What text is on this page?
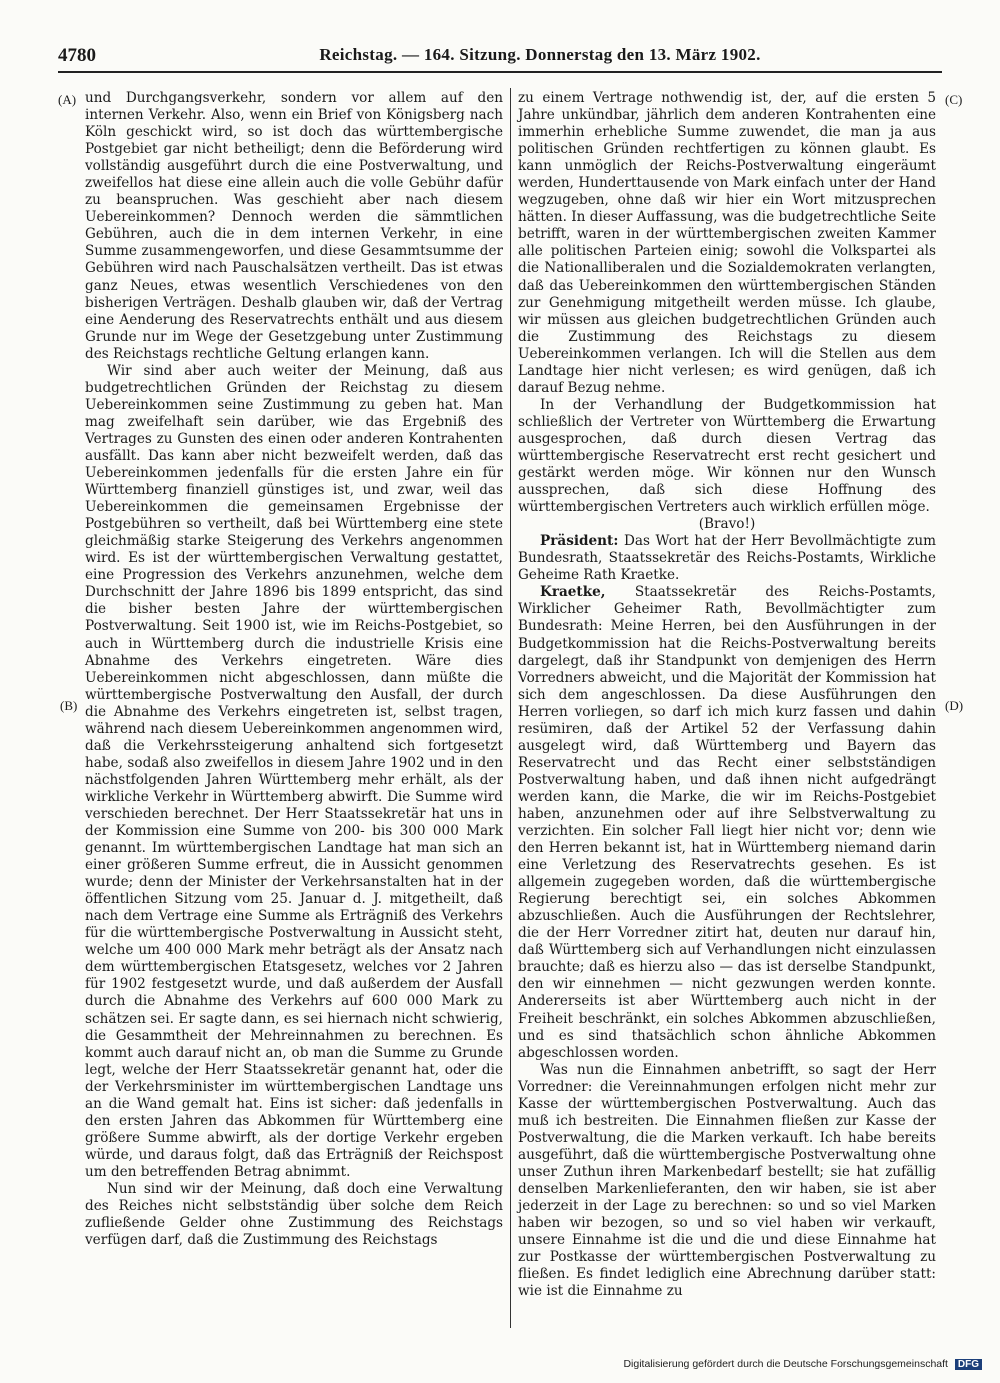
4780	Reichstag. — 164. Sitzung. Donnerstag den 13. März 1902.
(A)
(B)
(C)
(D)

und Durchgangsverkehr, sondern vor allem auf den internen Verkehr. Also, wenn ein Brief von Königsberg nach Köln geschickt wird, so ist doch das württembergische Postgebiet gar nicht betheiligt; denn die Beförderung wird vollständig ausgeführt durch die eine Postverwaltung, und zweifellos hat diese eine allein auch die volle Gebühr dafür zu beanspruchen. Was geschieht aber nach diesem Uebereinkommen? Dennoch werden die sämmtlichen Gebühren, auch die in dem internen Verkehr, in eine Summe zusammengeworfen, und diese Gesammtsumme der Gebühren wird nach Pauschalsätzen vertheilt. Das ist etwas ganz Neues, etwas wesentlich Verschiedenes von den bisherigen Verträgen. Deshalb glauben wir, daß der Vertrag eine Aenderung des Reservatrechts enthält und aus diesem Grunde nur im Wege der Gesetzgebung unter Zustimmung des Reichstags rechtliche Geltung erlangen kann.

Wir sind aber auch weiter der Meinung, daß aus budgetrechtlichen Gründen der Reichstag zu diesem Uebereinkommen seine Zustimmung zu geben hat. Man mag zweifelhaft sein darüber, wie das Ergebniß des Vertrages zu Gunsten des einen oder anderen Kontrahenten ausfällt. Das kann aber nicht bezweifelt werden, daß das Uebereinkommen jedenfalls für die ersten Jahre ein für Württemberg finanziell günstiges ist, und zwar, weil das Uebereinkommen die gemeinsamen Ergebnisse der Postgebühren so vertheilt, daß bei Württemberg eine stete gleichmäßig starke Steigerung des Verkehrs angenommen wird. Es ist der württembergischen Verwaltung gestattet, eine Progression des Verkehrs anzunehmen, welche dem Durchschnitt der Jahre 1896 bis 1899 entspricht, das sind die bisher besten Jahre der württembergischen Postverwaltung. Seit 1900 ist, wie im Reichs-Postgebiet, so auch in Württemberg durch die industrielle Krisis eine Abnahme des Verkehrs eingetreten. Wäre dies Uebereinkommen nicht abgeschlossen, dann müßte die württembergische Postverwaltung den Ausfall, der durch die Abnahme des Verkehrs eingetreten ist, selbst tragen, während nach diesem Uebereinkommen angenommen wird, daß die Verkehrssteigerung anhaltend sich fortgesetzt habe, sodaß also zweifellos in diesem Jahre 1902 und in den nächstfolgenden Jahren Württemberg mehr erhält, als der wirkliche Verkehr in Württemberg abwirft. Die Summe wird verschieden berechnet. Der Herr Staatssekretär hat uns in der Kommission eine Summe von 200- bis 300 000 Mark genannt. Im württembergischen Landtage hat man sich an einer größeren Summe erfreut, die in Aussicht genommen wurde; denn der Minister der Verkehrsanstalten hat in der öffentlichen Sitzung vom 25. Januar d. J. mitgetheilt, daß nach dem Vertrage eine Summe als Erträgniß des Verkehrs für die württembergische Postverwaltung in Aussicht steht, welche um 400 000 Mark mehr beträgt als der Ansatz nach dem württembergischen Etatsgesetz, welches vor 2 Jahren für 1902 festgesetzt wurde, und daß außerdem der Ausfall durch die Abnahme des Verkehrs auf 600 000 Mark zu schätzen sei. Er sagte dann, es sei hiernach nicht schwierig, die Gesammtheit der Mehreinnahmen zu berechnen. Es kommt auch darauf nicht an, ob man die Summe zu Grunde legt, welche der Herr Staatssekretär genannt hat, oder die der Verkehrsminister im württembergischen Landtage uns an die Wand gemalt hat. Eins ist sicher: daß jedenfalls in den ersten Jahren das Abkommen für Württemberg eine größere Summe abwirft, als der dortige Verkehr ergeben würde, und daraus folgt, daß das Erträgniß der Reichspost um den betreffenden Betrag abnimmt.

Nun sind wir der Meinung, daß doch eine Verwaltung des Reiches nicht selbstständig über solche dem Reich zufließende Gelder ohne Zustimmung des Reichstags verfügen darf, daß die Zustimmung des Reichstags

zu einem Vertrage nothwendig ist, der, auf die ersten 5 Jahre unkündbar, jährlich dem anderen Kontrahenten eine immerhin erhebliche Summe zuwendet, die man ja aus politischen Gründen rechtfertigen zu können glaubt. Es kann unmöglich der Reichs-Postverwaltung eingeräumt werden, Hunderttausende von Mark einfach unter der Hand wegzugeben, ohne daß wir hier ein Wort mitzusprechen hätten. In dieser Auffassung, was die budgetrechtliche Seite betrifft, waren in der württembergischen zweiten Kammer alle politischen Parteien einig; sowohl die Volkspartei als die Nationalliberalen und die Sozialdemokraten verlangten, daß das Uebereinkommen den württembergischen Ständen zur Genehmigung mitgetheilt werden müsse. Ich glaube, wir müssen aus gleichen budgetrechtlichen Gründen auch die Zustimmung des Reichstags zu diesem Uebereinkommen verlangen. Ich will die Stellen aus dem Landtage hier nicht verlesen; es wird genügen, daß ich darauf Bezug nehme.

In der Verhandlung der Budgetkommission hat schließlich der Vertreter von Württemberg die Erwartung ausgesprochen, daß durch diesen Vertrag das württembergische Reservatrecht erst recht gesichert und gestärkt werden möge. Wir können nur den Wunsch aussprechen, daß sich diese Hoffnung des württembergischen Vertreters auch wirklich erfüllen möge.

(Bravo!)

Präsident: Das Wort hat der Herr Bevollmächtigte zum Bundesrath, Staatssekretär des Reichs-Postamts, Wirkliche Geheime Rath Kraetke.

Kraetke, Staatssekretär des Reichs-Postamts, Wirklicher Geheimer Rath, Bevollmächtigter zum Bundesrath: Meine Herren, bei den Ausführungen in der Budgetkommission hat die Reichs-Postverwaltung bereits dargelegt, daß ihr Standpunkt von demjenigen des Herrn Vorredners abweicht, und die Majorität der Kommission hat sich dem angeschlossen. Da diese Ausführungen den Herren vorliegen, so darf ich mich kurz fassen und dahin resümiren, daß der Artikel 52 der Verfassung dahin ausgelegt wird, daß Württemberg und Bayern das Reservatrecht und das Recht einer selbstständigen Postverwaltung haben, und daß ihnen nicht aufgedrängt werden kann, die Marke, die wir im Reichs-Postgebiet haben, anzunehmen oder auf ihre Selbstverwaltung zu verzichten. Ein solcher Fall liegt hier nicht vor; denn wie den Herren bekannt ist, hat in Württemberg niemand darin eine Verletzung des Reservatrechts gesehen. Es ist allgemein zugegeben worden, daß die württembergische Regierung berechtigt sei, ein solches Abkommen abzuschließen. Auch die Ausführungen der Rechtslehrer, die der Herr Vorredner zitirt hat, deuten nur darauf hin, daß Württemberg sich auf Verhandlungen nicht einzulassen brauchte; daß es hierzu also — das ist derselbe Standpunkt, den wir einnehmen — nicht gezwungen werden konnte. Andererseits ist aber Württemberg auch nicht in der Freiheit beschränkt, ein solches Abkommen abzuschließen, und es sind thatsächlich schon ähnliche Abkommen abgeschlossen worden.

Was nun die Einnahmen anbetrifft, so sagt der Herr Vorredner: die Vereinnahmungen erfolgen nicht mehr zur Kasse der württembergischen Postverwaltung. Auch das muß ich bestreiten. Die Einnahmen fließen zur Kasse der Postverwaltung, die die Marken verkauft. Ich habe bereits ausgeführt, daß die württembergische Postverwaltung ohne unser Zuthun ihren Markenbedarf bestellt; sie hat zufällig denselben Markenlieferanten, den wir haben, sie ist aber jederzeit in der Lage zu berechnen: so und so viel Marken haben wir bezogen, so und so viel haben wir verkauft, unsere Einnahme ist die und die und diese Einnahme hat zur Postkasse der württembergischen Postverwaltung zu fließen. Es findet lediglich eine Abrechnung darüber statt: wie ist die Einnahme zu

Digitalisierung gefördert durch die Deutsche Forschungsgemeinschaft DFG
